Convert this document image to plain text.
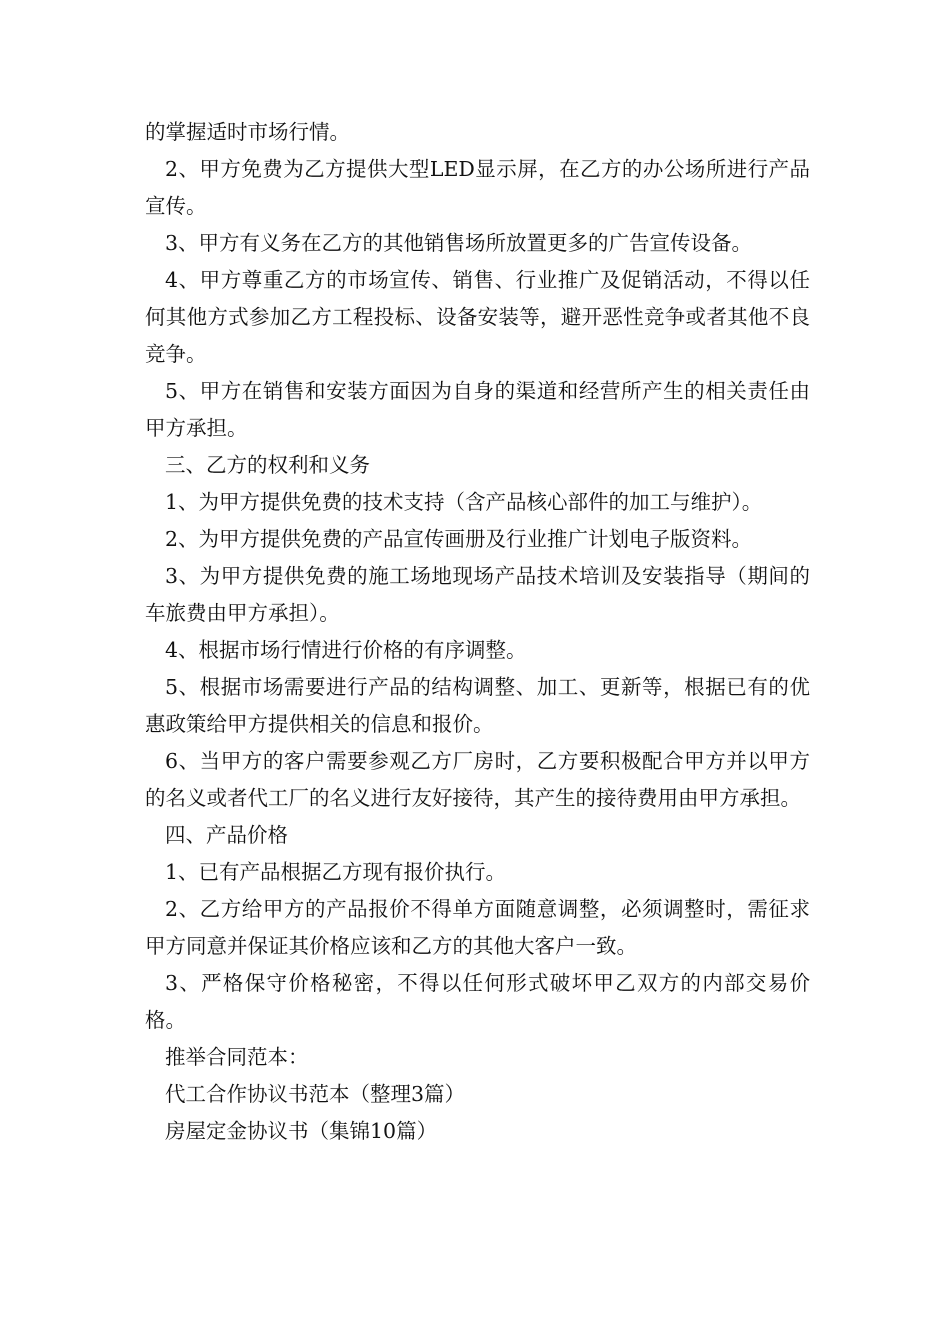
的掌握适时市场行情。

2、甲方免费为乙方提供大型LED显示屏，在乙方的办公场所进行产品宣传。

3、甲方有义务在乙方的其他销售场所放置更多的广告宣传设备。

4、甲方尊重乙方的市场宣传、销售、行业推广及促销活动，不得以任何其他方式参加乙方工程投标、设备安装等，避开恶性竞争或者其他不良竞争。

5、甲方在销售和安装方面因为自身的渠道和经营所产生的相关责任由甲方承担。

三、乙方的权利和义务

1、为甲方提供免费的技术支持（含产品核心部件的加工与维护）。

2、为甲方提供免费的产品宣传画册及行业推广计划电子版资料。

3、为甲方提供免费的施工场地现场产品技术培训及安装指导（期间的车旅费由甲方承担）。

4、根据市场行情进行价格的有序调整。

5、根据市场需要进行产品的结构调整、加工、更新等，根据已有的优惠政策给甲方提供相关的信息和报价。

6、当甲方的客户需要参观乙方厂房时，乙方要积极配合甲方并以甲方的名义或者代工厂的名义进行友好接待，其产生的接待费用由甲方承担。

四、产品价格

1、已有产品根据乙方现有报价执行。

2、乙方给甲方的产品报价不得单方面随意调整，必须调整时，需征求甲方同意并保证其价格应该和乙方的其他大客户一致。

3、严格保守价格秘密，不得以任何形式破坏甲乙双方的内部交易价格。

推举合同范本：

代工合作协议书范本（整理3篇）

房屋定金协议书（集锦10篇）
